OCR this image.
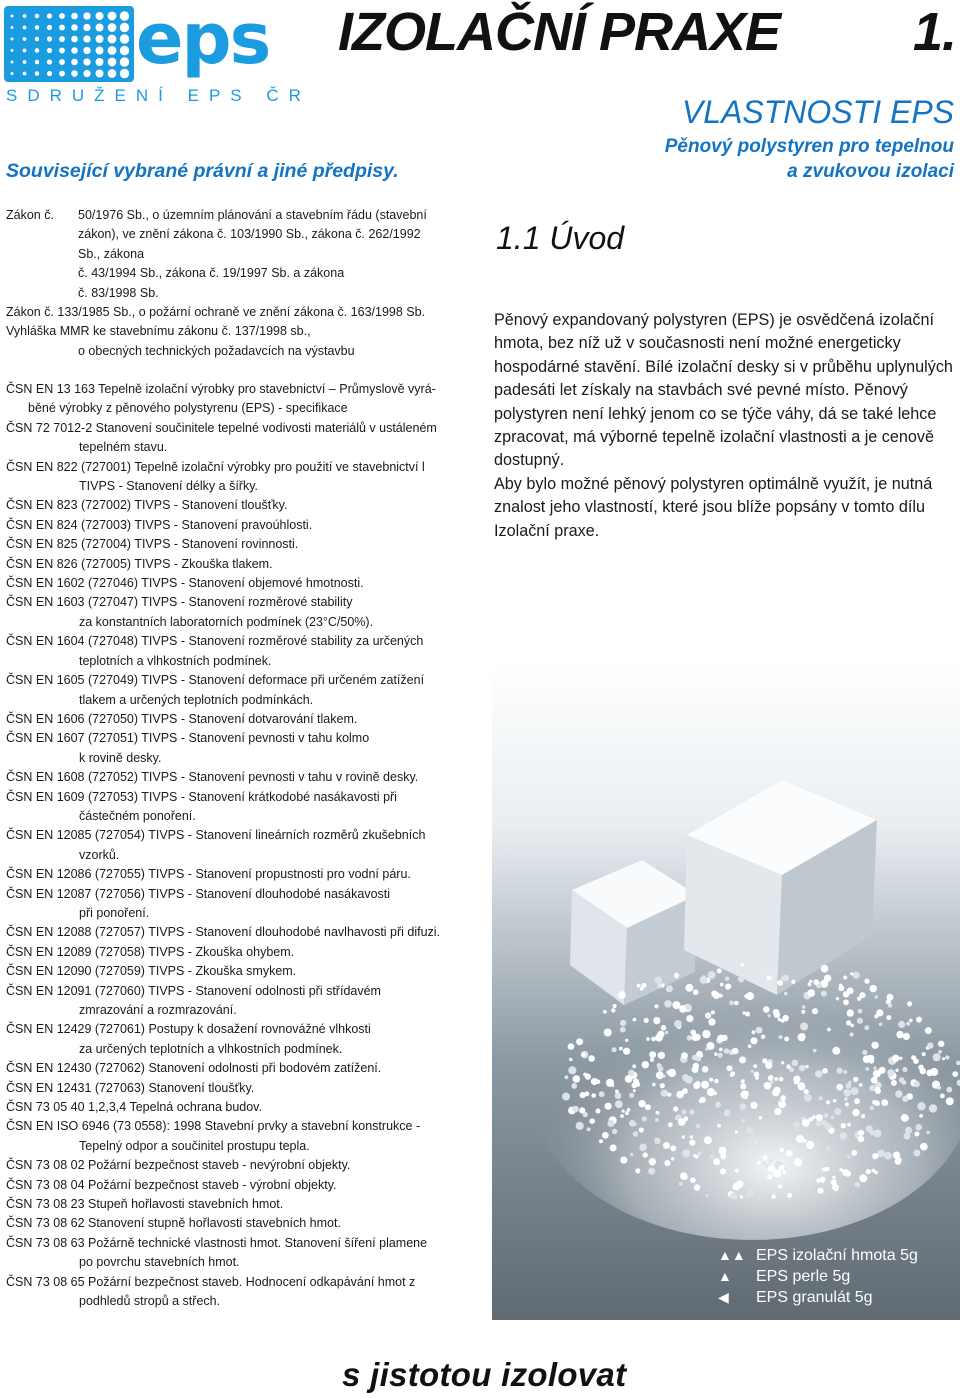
eps
SDRUŽENÍ EPS ČR
IZOLAČNÍ PRAXE 1.
VLASTNOSTI EPS
Pěnový polystyren pro tepelnou
a zvukovou izolaci
Související vybrané právní a jiné předpisy.
Zákon č. 50/1976 Sb., o územním plánování a stavebním řádu (stavební
zákon), ve znění zákona č. 103/1990 Sb., zákona č. 262/1992
Sb., zákona
č. 43/1994 Sb., zákona č. 19/1997 Sb. a zákona
č. 83/1998 Sb.
Zákon č. 133/1985 Sb., o požární ochraně ve znění zákona č. 163/1998 Sb.
Vyhláška MMR ke stavebnímu zákonu č. 137/1998 sb.,
o obecných technických požadavcích na výstavbu
ČSN EN 13 163 Tepelně izolační výrobky pro stavebnictví – Průmyslově vyrá-
běné výrobky z pěnového polystyrenu (EPS) - specifikace
ČSN 72 7012-2 Stanovení součinitele tepelné vodivosti materiálů v ustáleném
tepelném stavu.
ČSN EN 822 (727001) Tepelně izolační výrobky pro použití ve stavebnictví l
TIVPS - Stanovení délky a šířky.
ČSN EN 823 (727002) TIVPS - Stanovení tloušťky.
ČSN EN 824 (727003) TIVPS - Stanovení pravoúhlosti.
ČSN EN 825 (727004) TIVPS - Stanovení rovinnosti.
ČSN EN 826 (727005) TIVPS - Zkouška tlakem.
ČSN EN 1602 (727046) TIVPS - Stanovení objemové hmotnosti.
ČSN EN 1603 (727047) TIVPS - Stanovení rozměrové stability
za konstantních laboratorních podmínek (23°C/50%).
ČSN EN 1604 (727048) TIVPS - Stanovení rozměrové stability za určených
teplotních a vlhkostních podmínek.
ČSN EN 1605 (727049) TIVPS - Stanovení deformace při určeném zatížení
tlakem a určených teplotních podmínkách.
ČSN EN 1606 (727050) TIVPS - Stanovení dotvarování tlakem.
ČSN EN 1607 (727051) TIVPS - Stanovení pevnosti v tahu kolmo
k rovině desky.
ČSN EN 1608 (727052) TIVPS - Stanovení pevnosti v tahu v rovině desky.
ČSN EN 1609 (727053) TIVPS - Stanovení krátkodobé nasákavosti při
částečném ponoření.
ČSN EN 12085 (727054) TIVPS - Stanovení lineárních rozměrů zkušebních
vzorků.
ČSN EN 12086 (727055) TIVPS - Stanovení propustnosti pro vodní páru.
ČSN EN 12087 (727056) TIVPS - Stanovení dlouhodobé nasákavosti
při ponoření.
ČSN EN 12088 (727057) TIVPS - Stanovení dlouhodobé navlhavosti při difuzi.
ČSN EN 12089 (727058) TIVPS - Zkouška ohybem.
ČSN EN 12090 (727059) TIVPS - Zkouška smykem.
ČSN EN 12091 (727060) TIVPS - Stanovení odolnosti při střídavém
zmrazování a rozmrazování.
ČSN EN 12429 (727061) Postupy k dosažení rovnovážné vlhkosti
za určených teplotních a vlhkostních podmínek.
ČSN EN 12430 (727062) Stanovení odolnosti při bodovém zatížení.
ČSN EN 12431 (727063) Stanovení tloušťky.
ČSN 73 05 40 1,2,3,4 Tepelná ochrana budov.
ČSN EN ISO 6946 (73 0558): 1998 Stavební prvky a stavební konstrukce -
Tepelný odpor a součinitel prostupu tepla.
ČSN 73 08 02 Požární bezpečnost staveb - nevýrobní objekty.
ČSN 73 08 04 Požární bezpečnost staveb - výrobní objekty.
ČSN 73 08 23 Stupeň hořlavosti stavebních hmot.
ČSN 73 08 62 Stanovení stupně hořlavosti stavebních hmot.
ČSN 73 08 63 Požárně technické vlastnosti hmot. Stanovení šíření plamene
po povrchu stavebních hmot.
ČSN 73 08 65 Požární bezpečnost staveb. Hodnocení odkapávání hmot z
podhledů stropů a střech.
1.1 Úvod

Pěnový expandovaný polystyren (EPS) je osvědčená izolační hmota, bez níž už v současnosti není možné energeticky hospodárné stavění. Bílé izolační desky si v průběhu uplynulých padesáti let získaly na stavbách své pevné místo. Pěnový polystyren není lehký jenom co se týče váhy, dá se také lehce zpracovat, má výborné tepelně izolační vlastnosti a je cenově dostupný.

Aby bylo možné pěnový polystyren optimálně využít, je nutná znalost jeho vlastností, které jsou blíže popsány v tomto dílu Izolační praxe.

▲▲ EPS izolační hmota 5g
▲ EPS perle 5g
◀ EPS granulát 5g
s jistotou izolovat
